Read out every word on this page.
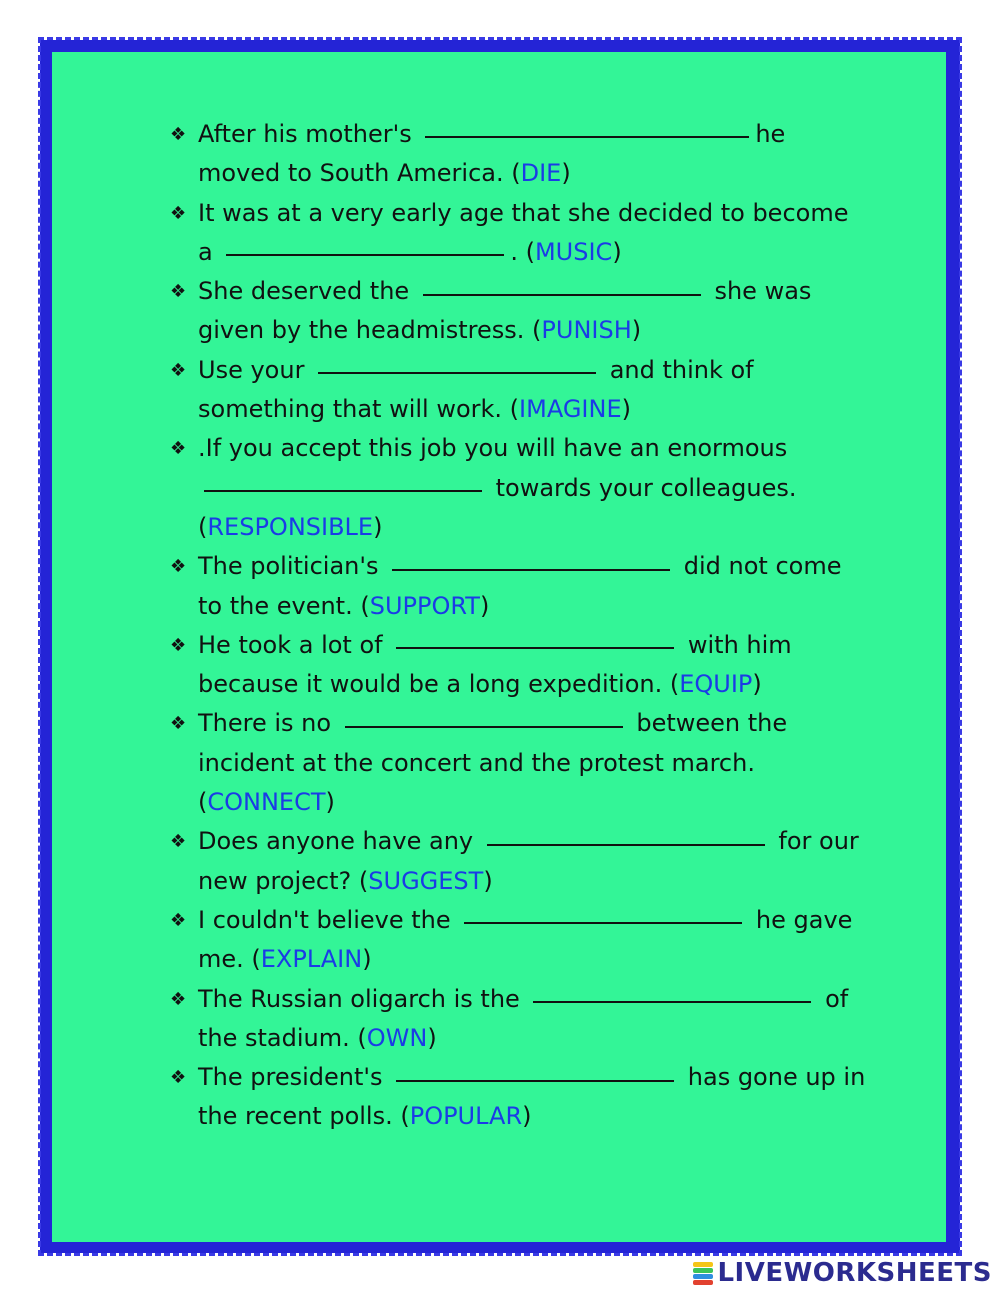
❖ After his mother's	he moved to South America. (DIE)
❖ It was at a very early age that she decided to become a	. (MUSIC)
❖ She deserved the	she was given by the headmistress. (PUNISH)
❖ Use your	and think of something that will work. (IMAGINE)
❖ .If you accept this job you will have an enormous  towards your colleagues. (RESPONSIBLE)
❖ The politician's	did not come to the event. (SUPPORT)
❖ He took a lot of	with him because it would be a long expedition. (EQUIP)
❖ There is no	between the incident at the concert and the protest march. (CONNECT)
❖ Does anyone have any	for our new project? (SUGGEST)
❖ I couldn't believe the	he gave me. (EXPLAIN)
❖ The Russian oligarch is the	of the stadium. (OWN)
❖ The president's	has gone up in the recent polls. (POPULAR)
LIVEWORKSHEETS
